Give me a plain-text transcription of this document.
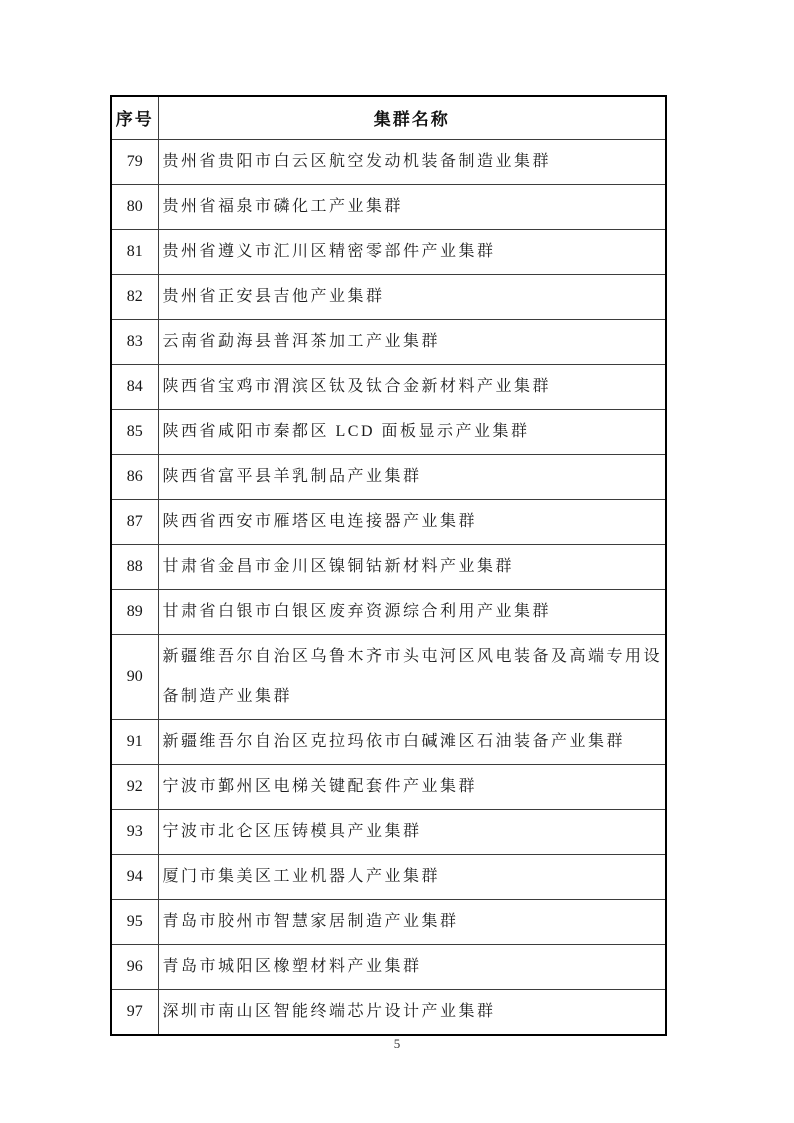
序号	集群名称
79	贵州省贵阳市白云区航空发动机装备制造业集群
80	贵州省福泉市磷化工产业集群
81	贵州省遵义市汇川区精密零部件产业集群
82	贵州省正安县吉他产业集群
83	云南省勐海县普洱茶加工产业集群
84	陕西省宝鸡市渭滨区钛及钛合金新材料产业集群
85	陕西省咸阳市秦都区 LCD 面板显示产业集群
86	陕西省富平县羊乳制品产业集群
87	陕西省西安市雁塔区电连接器产业集群
88	甘肃省金昌市金川区镍铜钴新材料产业集群
89	甘肃省白银市白银区废弃资源综合利用产业集群
90	新疆维吾尔自治区乌鲁木齐市头屯河区风电装备及高端专用设备制造产业集群
91	新疆维吾尔自治区克拉玛依市白碱滩区石油装备产业集群
92	宁波市鄞州区电梯关键配套件产业集群
93	宁波市北仑区压铸模具产业集群
94	厦门市集美区工业机器人产业集群
95	青岛市胶州市智慧家居制造产业集群
96	青岛市城阳区橡塑材料产业集群
97	深圳市南山区智能终端芯片设计产业集群
5
